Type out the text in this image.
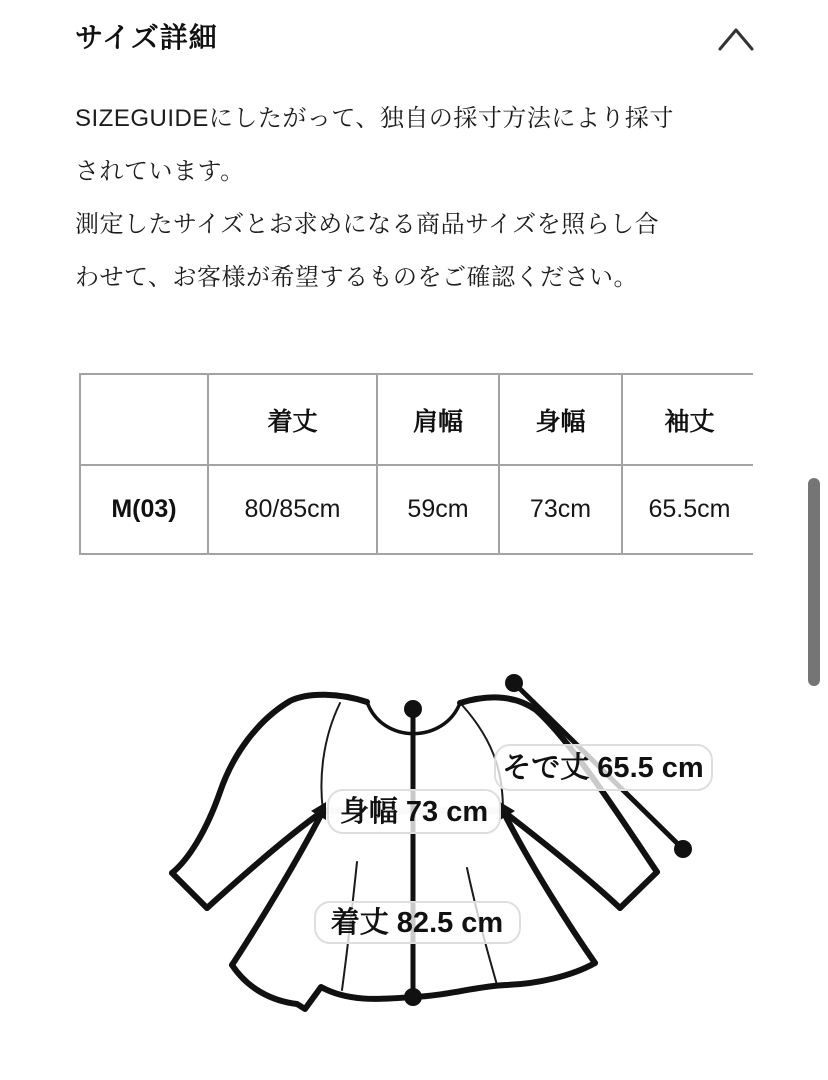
サイズ詳細
SIZEGUIDEにしたがって、独自の採寸方法により採寸
されています。
測定したサイズとお求めになる商品サイズを照らし合
わせて、お客様が希望するものをご確認ください。
	着丈	肩幅	身幅	袖丈
M(03)	80/85cm	59cm	73cm	65.5cm
そで丈 65.5 cm
身幅 73 cm
着丈 82.5 cm
